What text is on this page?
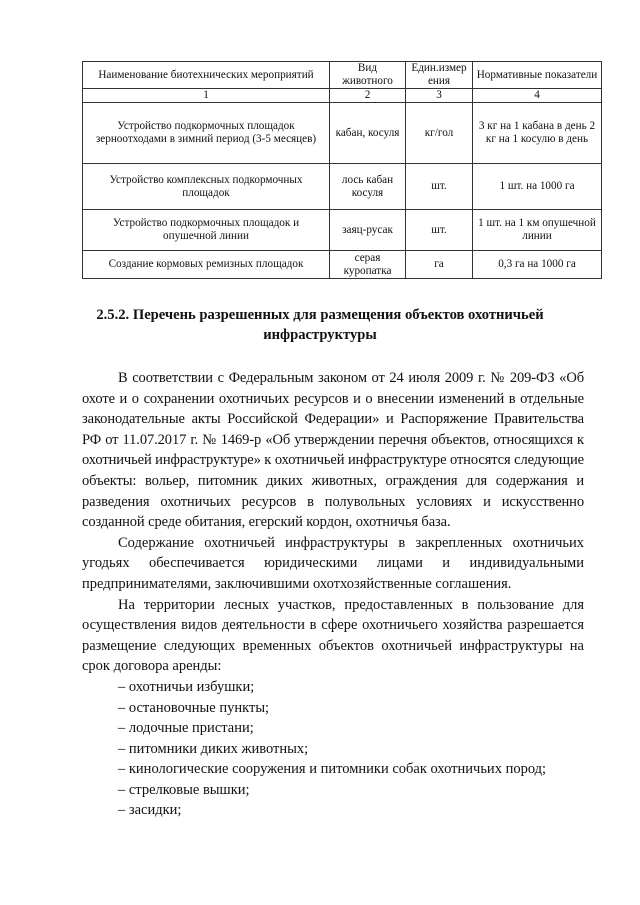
Наименование биотехнических мероприятий	Вид животного	Един.измер ения	Нормативные показатели
1	2	3	4
Устройство подкормочных площадок зерноотходами в зимний период (3-5 месяцев)	кабан, косуля	кг/гол	3 кг на 1 кабана в день 2 кг на 1 косулю в день
Устройство комплексных подкормочных площадок	лось кабан косуля	шт.	1 шт. на 1000 га
Устройство подкормочных площадок и опушечной линии	заяц-русак	шт.	1 шт. на 1 км опушечной линии
Создание кормовых ремизных площадок	серая куропатка	га	0,3 га на 1000 га
2.5.2. Перечень разрешенных для размещения объектов охотничьей инфраструктуры

В соответствии с Федеральным законом от 24 июля 2009 г. № 209-ФЗ «Об охоте и о сохранении охотничьих ресурсов и о внесении изменений в отдельные законодательные акты Российской Федерации» и Распоряжение Правительства РФ от 11.07.2017 г. № 1469-р «Об утверждении перечня объектов, относящихся к охотничьей инфраструктуре» к охотничьей инфраструктуре относятся следующие объекты: вольер, питомник диких животных, ограждения для содержания и разведения охотничьих ресурсов в полувольных условиях и искусственно созданной среде обитания, егерский кордон, охотничья база.

Содержание охотничьей инфраструктуры в закрепленных охотничьих угодьях обеспечивается юридическими лицами и индивидуальными предпринимателями, заключившими охотхозяйственные соглашения.

На территории лесных участков, предоставленных в пользование для осуществления видов деятельности в сфере охотничьего хозяйства разрешается размещение следующих временных объектов охотничьей инфраструктуры на срок договора аренды:

– охотничьи избушки;
– остановочные пункты;
– лодочные пристани;
– питомники диких животных;
– кинологические сооружения и питомники собак охотничьих пород;
– стрелковые вышки;
– засидки;
